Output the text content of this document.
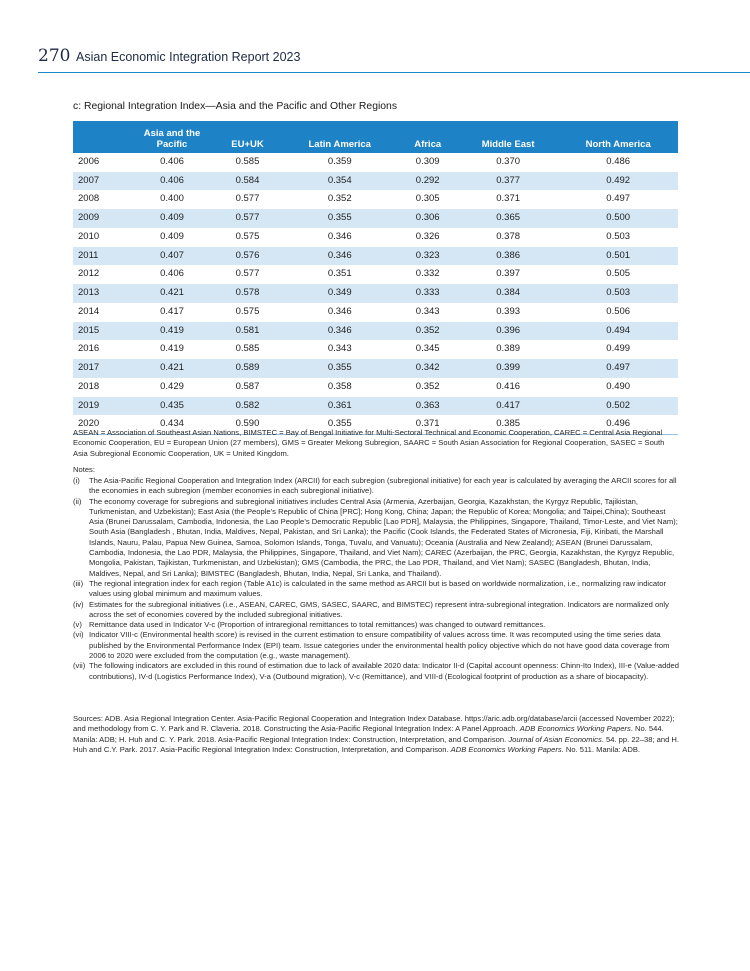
270 Asian Economic Integration Report 2023
c: Regional Integration Index—Asia and the Pacific and Other Regions
	Asia and the Pacific	EU+UK	Latin America	Africa	Middle East	North America
2006	0.406	0.585	0.359	0.309	0.370	0.486
2007	0.406	0.584	0.354	0.292	0.377	0.492
2008	0.400	0.577	0.352	0.305	0.371	0.497
2009	0.409	0.577	0.355	0.306	0.365	0.500
2010	0.409	0.575	0.346	0.326	0.378	0.503
2011	0.407	0.576	0.346	0.323	0.386	0.501
2012	0.406	0.577	0.351	0.332	0.397	0.505
2013	0.421	0.578	0.349	0.333	0.384	0.503
2014	0.417	0.575	0.346	0.343	0.393	0.506
2015	0.419	0.581	0.346	0.352	0.396	0.494
2016	0.419	0.585	0.343	0.345	0.389	0.499
2017	0.421	0.589	0.355	0.342	0.399	0.497
2018	0.429	0.587	0.358	0.352	0.416	0.490
2019	0.435	0.582	0.361	0.363	0.417	0.502
2020	0.434	0.590	0.355	0.371	0.385	0.496
ASEAN = Association of Southeast Asian Nations, BIMSTEC = Bay of Bengal Initiative for Multi-Sectoral Technical and Economic Cooperation, CAREC = Central Asia Regional Economic Cooperation, EU = European Union (27 members), GMS = Greater Mekong Subregion, SAARC = South Asian Association for Regional Cooperation, SASEC = South Asia Subregional Economic Cooperation, UK = United Kingdom.
Notes:
(i)	The Asia-Pacific Regional Cooperation and Integration Index (ARCII) for each subregion (subregional initiative) for each year is calculated by averaging the ARCII scores for all the economies in each subregion (member economies in each subregional initiative).
(ii) The economy coverage for subregions and subregional initiatives includes Central Asia (Armenia, Azerbaijan, Georgia, Kazakhstan, the Kyrgyz Republic, Tajikistan, Turkmenistan, and Uzbekistan); East Asia (the People’s Republic of China [PRC]; Hong Kong, China; Japan; the Republic of Korea; Mongolia; and Taipei,China); Southeast Asia (Brunei Darussalam, Cambodia, Indonesia, the Lao People’s Democratic Republic [Lao PDR], Malaysia, the Philippines, Singapore, Thailand, Timor-Leste, and Viet Nam); South Asia (Bangladesh , Bhutan, India, Maldives, Nepal, Pakistan, and Sri Lanka); the Pacific (Cook Islands, the Federated States of Micronesia, Fiji, Kiribati, the Marshall Islands, Nauru, Palau, Papua New Guinea, Samoa, Solomon Islands, Tonga, Tuvalu, and Vanuatu); Oceania (Australia and New Zealand); ASEAN (Brunei Darussalam, Cambodia, Indonesia, the Lao PDR, Malaysia, the Philippines, Singapore, Thailand, and Viet Nam); CAREC (Azerbaijan, the PRC, Georgia, Kazakhstan, the Kyrgyz Republic, Mongolia, Pakistan, Tajikistan, Turkmenistan, and Uzbekistan); GMS (Cambodia, the PRC, the Lao PDR, Thailand, and Viet Nam); SASEC (Bangladesh, Bhutan, India, Maldives, Nepal, and Sri Lanka); BIMSTEC (Bangladesh, Bhutan, India, Nepal, Sri Lanka, and Thailand).
(iii) The regional integration index for each region (Table A1c) is calculated in the same method as ARCII but is based on worldwide normalization, i.e., normalizing raw indicator values using global minimum and maximum values.
(iv) Estimates for the subregional initiatives (i.e., ASEAN, CAREC, GMS, SASEC, SAARC, and BIMSTEC) represent intra-subregional integration. Indicators are normalized only across the set of economies covered by the included subregional initiatives.
(v) Remittance data used in Indicator V-c (Proportion of intraregional remittances to total remittances) was changed to outward remittances.
(vi) Indicator VIII-c (Environmental health score) is revised in the current estimation to ensure compatibility of values across time. It was recomputed using the time series data published by the Environmental Performance Index (EPI) team. Issue categories under the environmental health policy objective which do not have good data coverage from 2006 to 2020 were excluded from the computation (e.g., waste management).
(vii) The following indicators are excluded in this round of estimation due to lack of available 2020 data: Indicator II-d (Capital account openness: Chinn-Ito Index), III-e (Value-added contributions), IV-d (Logistics Performance Index), V-a (Outbound migration), V-c (Remittance), and VIII-d (Ecological footprint of production as a share of biocapacity).
Sources: ADB. Asia Regional Integration Center. Asia-Pacific Regional Cooperation and Integration Index Database. https://aric.adb.org/database/arcii (accessed November 2022); and methodology from C. Y. Park and R. Claveria. 2018. Constructing the Asia-Pacific Regional Integration Index: A Panel Approach. ADB Economics Working Papers. No. 544. Manila: ADB; H. Huh and C. Y. Park. 2018. Asia-Pacific Regional Integration Index: Construction, Interpretation, and Comparison. Journal of Asian Economics. 54. pp. 22–38; and H. Huh and C.Y. Park. 2017. Asia-Pacific Regional Integration Index: Construction, Interpretation, and Comparison. ADB Economics Working Papers. No. 511. Manila: ADB.
